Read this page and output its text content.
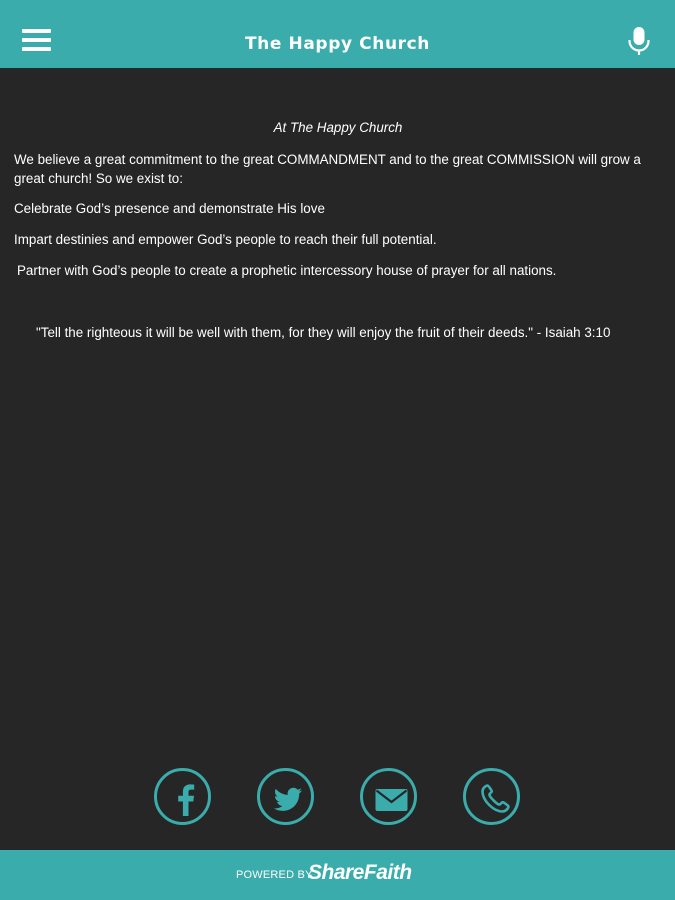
The Happy Church

At The Happy Church

We believe a great commitment to the great COMMANDMENT and to the great COMMISSION will grow a great church! So we exist to:

Celebrate God’s presence and demonstrate His love

Impart destinies and empower God’s people to reach their full potential.

Partner with God’s people to create a prophetic intercessory house of prayer for all nations.

"Tell the righteous it will be well with them, for they will enjoy the fruit of their deeds." - Isaiah 3:10

POWERED BY
ShareFaith
